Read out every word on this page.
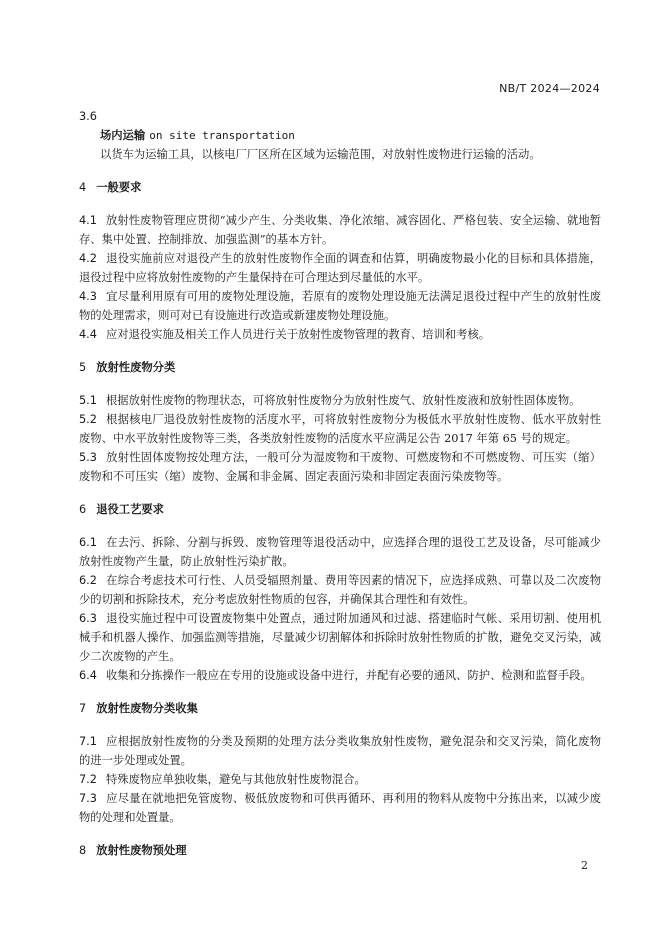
NB/T 2024—2024
3.6
场内运输 on site transportation
以货车为运输工具，以核电厂厂区所在区域为运输范围，对放射性废物进行运输的活动。
4 一般要求

4.1 放射性废物管理应贯彻“减少产生、分类收集、净化浓缩、减容固化、严格包装、安全运输、就地暂存、集中处置、控制排放、加强监测”的基本方针。

4.2 退役实施前应对退役产生的放射性废物作全面的调查和估算，明确废物最小化的目标和具体措施，退役过程中应将放射性废物的产生量保持在可合理达到尽量低的水平。

4.3 宜尽量利用原有可用的废物处理设施，若原有的废物处理设施无法满足退役过程中产生的放射性废物的处理需求，则可对已有设施进行改造或新建废物处理设施。

4.4 应对退役实施及相关工作人员进行关于放射性废物管理的教育、培训和考核。

5 放射性废物分类

5.1 根据放射性废物的物理状态，可将放射性废物分为放射性废气、放射性废液和放射性固体废物。

5.2 根据核电厂退役放射性废物的活度水平，可将放射性废物分为极低水平放射性废物、低水平放射性废物、中水平放射性废物等三类，各类放射性废物的活度水平应满足公告 2017 年第 65 号的规定。

5.3 放射性固体废物按处理方法，一般可分为湿废物和干废物、可燃废物和不可燃废物、可压实（缩）废物和不可压实（缩）废物、金属和非金属、固定表面污染和非固定表面污染废物等。

6 退役工艺要求

6.1 在去污、拆除、分割与拆毁、废物管理等退役活动中，应选择合理的退役工艺及设备，尽可能减少放射性废物产生量，防止放射性污染扩散。

6.2 在综合考虑技术可行性、人员受辐照剂量、费用等因素的情况下，应选择成熟、可靠以及二次废物少的切割和拆除技术，充分考虑放射性物质的包容，并确保其合理性和有效性。

6.3 退役实施过程中可设置废物集中处置点，通过附加通风和过滤、搭建临时气帐、采用切割、使用机械手和机器人操作、加强监测等措施，尽量减少切割解体和拆除时放射性物质的扩散，避免交叉污染，减少二次废物的产生。

6.4 收集和分拣操作一般应在专用的设施或设备中进行，并配有必要的通风、防护、检测和监督手段。

7 放射性废物分类收集

7.1 应根据放射性废物的分类及预期的处理方法分类收集放射性废物，避免混杂和交叉污染，简化废物的进一步处理或处置。

7.2 特殊废物应单独收集，避免与其他放射性废物混合。

7.3 应尽量在就地把免管废物、极低放废物和可供再循环、再利用的物料从废物中分拣出来，以减少废物的处理和处置量。

8 放射性废物预处理
2
